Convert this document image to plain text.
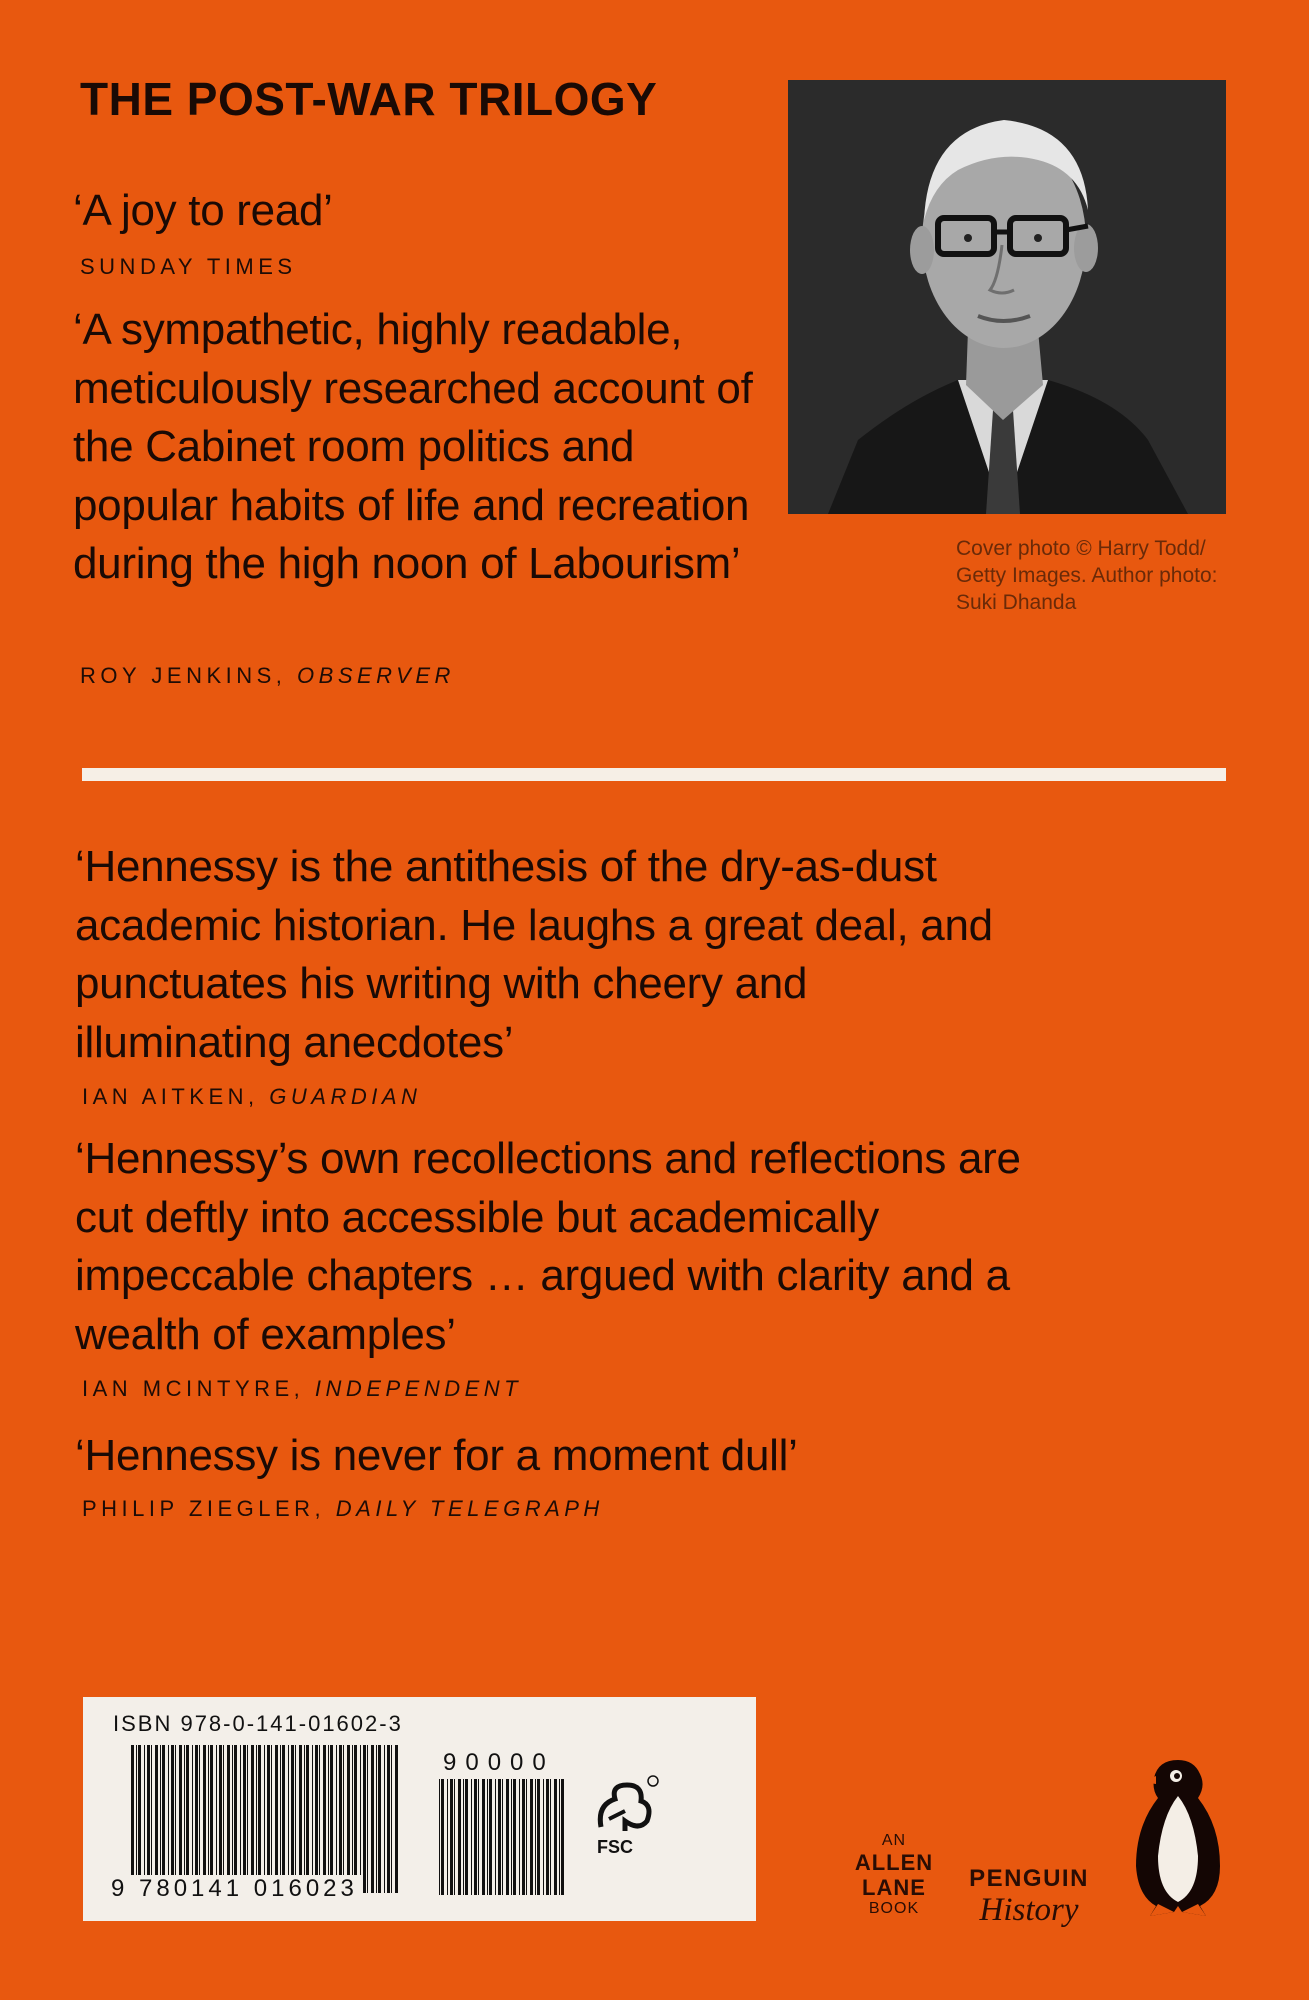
THE POST-WAR TRILOGY

‘A joy to read’

SUNDAY TIMES

‘A sympathetic, highly readable, meticulously researched account of the Cabinet room politics and popular habits of life and recreation during the high noon of Labourism’

ROY JENKINS, OBSERVER

Cover photo © Harry Todd/ Getty Images. Author photo: Suki Dhanda

‘Hennessy is the antithesis of the dry-as-dust academic historian. He laughs a great deal, and punctuates his writing with cheery and illuminating anecdotes’

IAN AITKEN, GUARDIAN

‘Hennessy’s own recollections and reflections are cut deftly into accessible but academically impeccable chapters … argued with clarity and a wealth of examples’

IAN MCINTYRE, INDEPENDENT

‘Hennessy is never for a moment dull’

PHILIP ZIEGLER, DAILY TELEGRAPH

ISBN 978-0-141-01602-3

9 780141 016023

90000

FSC	AN
ALLEN
LANE
BOOK
PENGUIN
History
